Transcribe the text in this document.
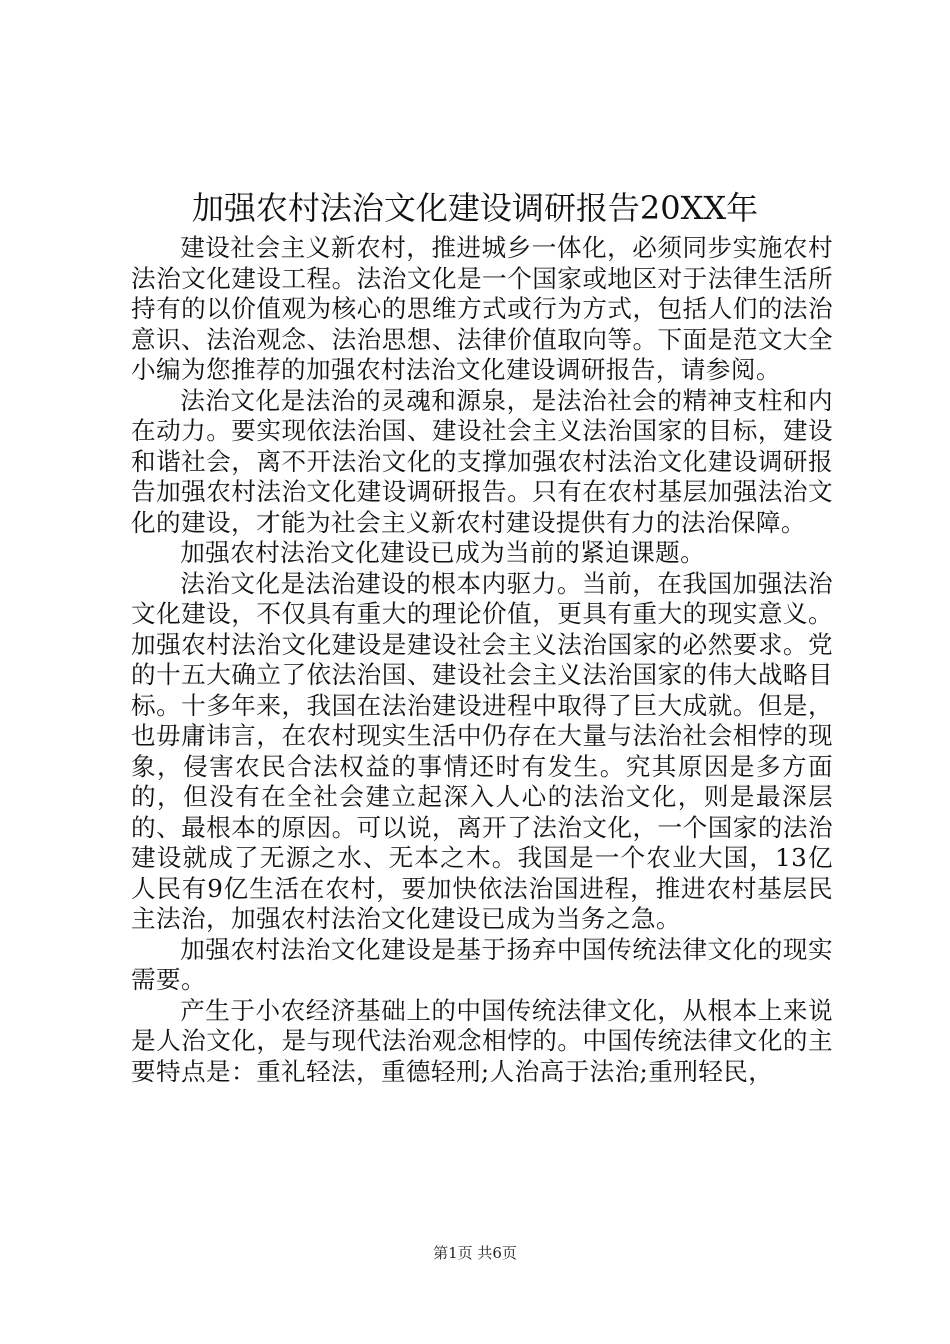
加强农村法治文化建设调研报告20XX年

建设社会主义新农村，推进城乡一体化，必须同步实施农村法治文化建设工程。法治文化是一个国家或地区对于法律生活所持有的以价值观为核心的思维方式或行为方式，包括人们的法治意识、法治观念、法治思想、法律价值取向等。下面是范文大全小编为您推荐的加强农村法治文化建设调研报告，请参阅。

法治文化是法治的灵魂和源泉，是法治社会的精神支柱和内在动力。要实现依法治国、建设社会主义法治国家的目标，建设和谐社会，离不开法治文化的支撑加强农村法治文化建设调研报告加强农村法治文化建设调研报告。只有在农村基层加强法治文化的建设，才能为社会主义新农村建设提供有力的法治保障。

加强农村法治文化建设已成为当前的紧迫课题。

法治文化是法治建设的根本内驱力。当前，在我国加强法治文化建设，不仅具有重大的理论价值，更具有重大的现实意义。加强农村法治文化建设是建设社会主义法治国家的必然要求。党的十五大确立了依法治国、建设社会主义法治国家的伟大战略目标。十多年来，我国在法治建设进程中取得了巨大成就。但是，也毋庸讳言，在农村现实生活中仍存在大量与法治社会相悖的现象，侵害农民合法权益的事情还时有发生。究其原因是多方面的，但没有在全社会建立起深入人心的法治文化，则是最深层的、最根本的原因。可以说，离开了法治文化，一个国家的法治建设就成了无源之水、无本之木。我国是一个农业大国，13亿人民有9亿生活在农村，要加快依法治国进程，推进农村基层民主法治，加强农村法治文化建设已成为当务之急。

加强农村法治文化建设是基于扬弃中国传统法律文化的现实需要。

产生于小农经济基础上的中国传统法律文化，从根本上来说是人治文化，是与现代法治观念相悖的。中国传统法律文化的主要特点是：重礼轻法，重德轻刑;人治高于法治;重刑轻民，

第1页 共6页
